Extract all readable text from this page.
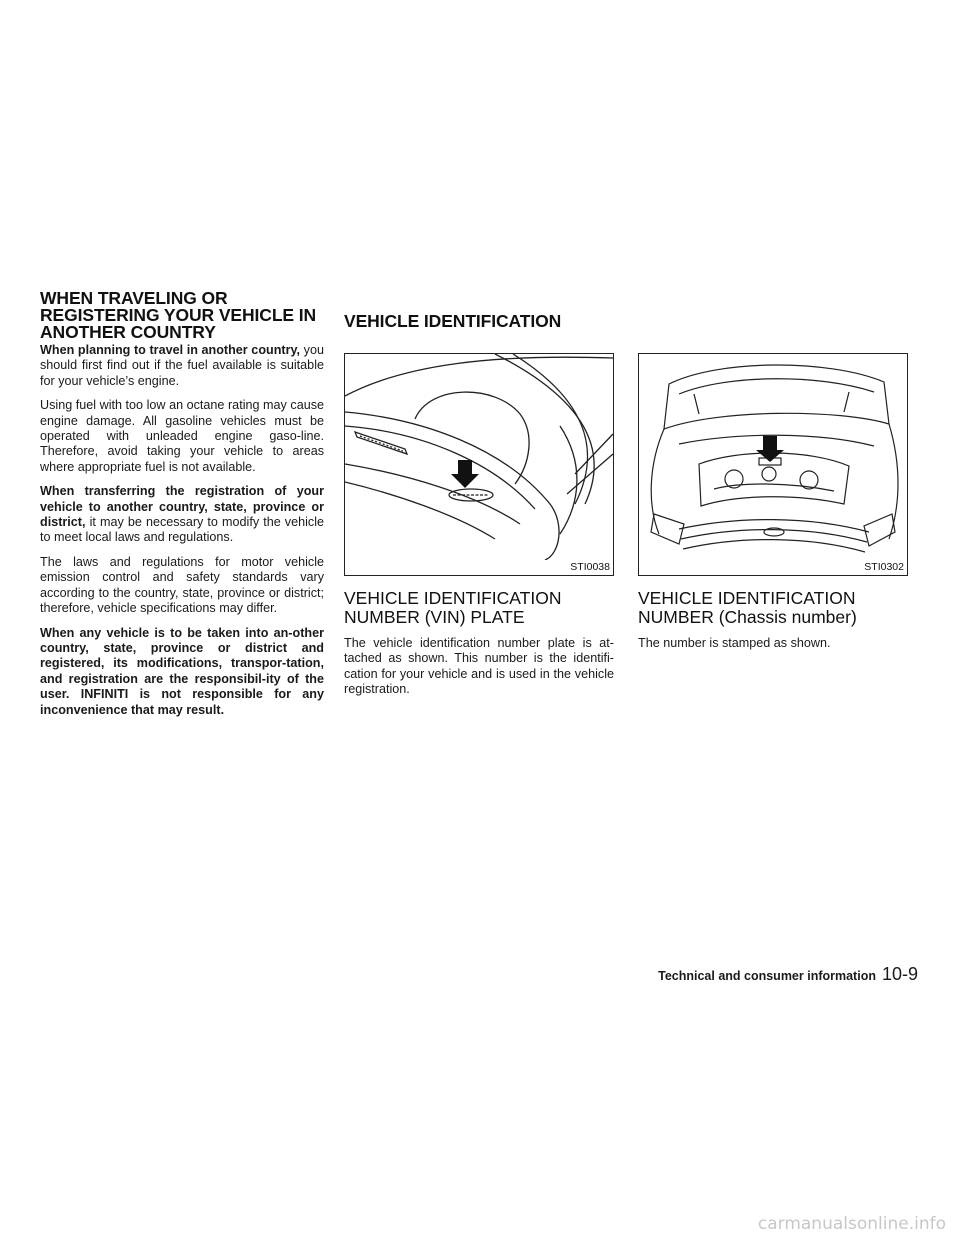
WHEN TRAVELING OR
REGISTERING YOUR VEHICLE IN
ANOTHER COUNTRY

When planning to travel in another country, you should first find out if the fuel available is suitable for your vehicle’s engine.

Using fuel with too low an octane rating may cause engine damage. All gasoline vehicles must be operated with unleaded engine gaso-line. Therefore, avoid taking your vehicle to areas where appropriate fuel is not available.

When transferring the registration of your vehicle to another country, state, province or district, it may be necessary to modify the vehicle to meet local laws and regulations.

The laws and regulations for motor vehicle emission control and safety standards vary according to the country, state, province or district; therefore, vehicle specifications may differ.

When any vehicle is to be taken into an-other country, state, province or district and registered, its modifications, transpor-tation, and registration are the responsibil-ity of the user. INFINITI is not responsible for any inconvenience that may result.

VEHICLE IDENTIFICATION
STI0038	STI0302
VEHICLE IDENTIFICATION
NUMBER (VIN) PLATE

The vehicle identification number plate is at-tached as shown. This number is the identifi-cation for your vehicle and is used in the vehicle registration.

VEHICLE IDENTIFICATION
NUMBER (Chassis number)

The number is stamped as shown.

Technical and consumer information 10-9
carmanualsonline.info
